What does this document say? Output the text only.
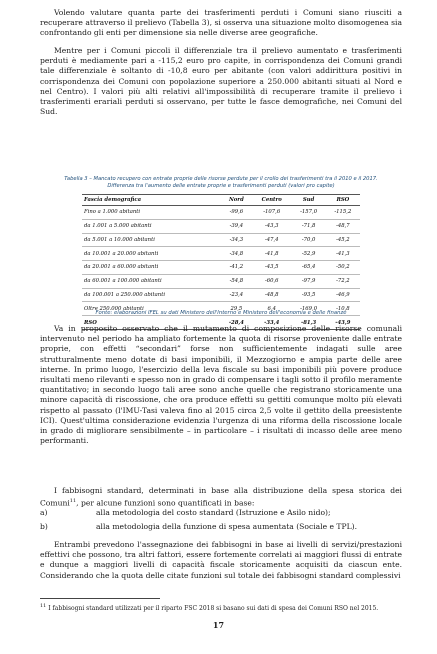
Volendo valutare quanta parte dei trasferimenti perduti i Comuni siano riusciti a recuperare attraverso il prelievo (Tabella 3), si osserva una situazione molto disomogenea sia confrontando gli enti per dimensione sia nelle diverse aree geografiche.

Mentre per i Comuni piccoli il differenziale tra il prelievo aumentato e trasferimenti perduti è mediamente pari a -115,2 euro pro capite, in corrispondenza dei Comuni grandi tale differenziale è soltanto di -10,8 euro per abitante (con valori addirittura positivi in corrispondenza dei Comuni con popolazione superiore a 250.000 abitanti situati al Nord e nel Centro). I valori più alti relativi all'impossibilità di recuperare tramite il prelievo i trasferimenti erariali perduti si osservano, per tutte le fasce demografiche, nei Comuni del Sud.

Tabella 3 – Mancato recupero con entrate proprie delle risorse perdute per il crollo dei trasferimenti tra il 2010 e il 2017.
Differenza tra l'aumento delle entrate proprie e trasferimenti perduti (valori pro capite)
Fascia demografica	Nord	Centro	Sud	RSO
Fino a 1.000 abitanti	-99,6	-107,6	-157,0	-115,2
da 1.001 a 5.000 abitanti	-39,4	-43,3	-71,8	-48,7
da 5.001 a 10.000 abitanti	-34,3	-47,4	-70,0	-45,2
da 10.001 a 20.000 abitanti	-34,8	-41,8	-52,9	-41,3
da 20.001 a 60.000 abitanti	-41,2	-43,5	-65,4	-50,2
da 60.001 a 100.000 abitanti	-54,8	-60,6	-97,9	-72,2
da 100.001 a 250.000 abitanti	-23,4	-48,8	-93,5	-46,9
Oltre 250.000 abitanti	29,5	6,4	-169,0	-10,8
RSO	-28,4	-33,4	-81,3	-43,9
Fonte: elaborazioni IFEL su dati Ministero dell'Interno e Ministero dell'economia e delle finanze

Va in proposito osservato che il mutamento di composizione delle risorse comunali intervenuto nel periodo ha ampliato fortemente la quota di risorse proveniente dalle entrate proprie, con effetti “secondari” forse non sufficientemente indagati sulle aree strutturalmente meno dotate di basi imponibili, il Mezzogiorno e ampia parte delle aree interne. In primo luogo, l'esercizio della leva fiscale su basi imponibili più povere produce risultati meno rilevanti e spesso non in grado di compensare i tagli sotto il profilo meramente quantitativo; in secondo luogo tali aree sono anche quelle che registrano storicamente una minore capacità di riscossione, che ora produce effetti su gettiti comunque molto più elevati rispetto al passato (l'IMU-Tasi valeva fino al 2015 circa 2,5 volte il gettito della preesistente ICI). Quest'ultima considerazione evidenzia l'urgenza di una riforma della riscossione locale in grado di migliorare sensibilmente – in particolare – i risultati di incasso delle aree meno performanti.

I fabbisogni standard, determinati in base alla distribuzione della spesa storica dei Comuni$^{11}$, per alcune funzioni sono quantificati in base:

a)	alla metodologia del costo standard (Istruzione e Asilo nido);
b)	alla metodologia della funzione di spesa aumentata (Sociale e TPL).

Entrambi prevedono l'assegnazione dei fabbisogni in base ai livelli di servizi/prestazioni effettivi che possono, tra altri fattori, essere fortemente correlati ai maggiori flussi di entrate e dunque a maggiori livelli di capacità fiscale storicamente acquisiti da ciascun ente. Considerando che la quota delle citate funzioni sul totale dei fabbisogni standard complessivi

$^{11}$ I fabbisogni standard utilizzati per il riparto FSC 2018 si basano sui dati di spesa dei Comuni RSO nel 2015.

17
